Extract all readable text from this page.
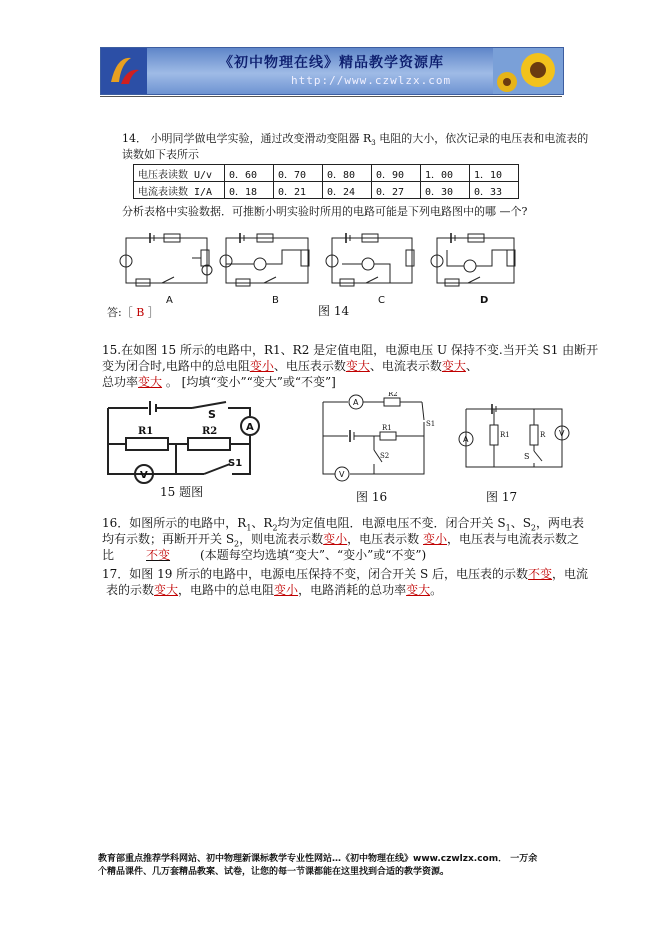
《初中物理在线》精品教学资源库
http://www.czwlzx.com
14． 小明同学做电学实验，通过改变滑动变阻器 $R_3$ 电阻的大小，依次记录的电压表和电流表的
读数如下表所示
电压表读数 U/v	0．60	0．70	0．80	0．90	1．00	1．10
电流表读数 I/A	0．18	0．21	0．24	0．27	0．30	0．33
分析表格中实验数据．可推断小明实验时所用的电路可能是下列电路图中的哪 —个?
A	B	C	D
答:［ B ］	图 14
15.在如图 15 所示的电路中，R1、R2 是定值电阻，电源电压 U 保持不变.当开关 S1 由断开
变为闭合时,电路中的总电阻变小、电压表示数变大、电流表示数变大、
总功率变大 。 [均填“变小”“变大”或“不变”]
S
A
R1	R2
V
S1
15 题图
A
R2
S1
R1
S2
V
图 16
A	R1	R
S
V
图 17
16．如图所示的电路中，$R_1$、$R_2$均为定值电阻．电源电压不变．闭合开关 $S_1$、$S_2$，两电表
均有示数；再断开开关 $S_2$，则电流表示数变小，电压表示数 变小，电压表与电流表示数之
比	不变	(本题每空均选填“变大”、“变小”或“不变”)
17．如图 19 所示的电路中，电源电压保持不变，闭合开关 S 后，电压表的示数不变，电流
表的示数变大，电路中的总电阻变小，电路消耗的总功率变大。
教育部重点推荐学科网站、初中物理新课标教学专业性网站…《初中物理在线》www.czwlzx.com． 一万余
个精品课件、几万套精品教案、试卷，让您的每一节课都能在这里找到合适的教学资源。
